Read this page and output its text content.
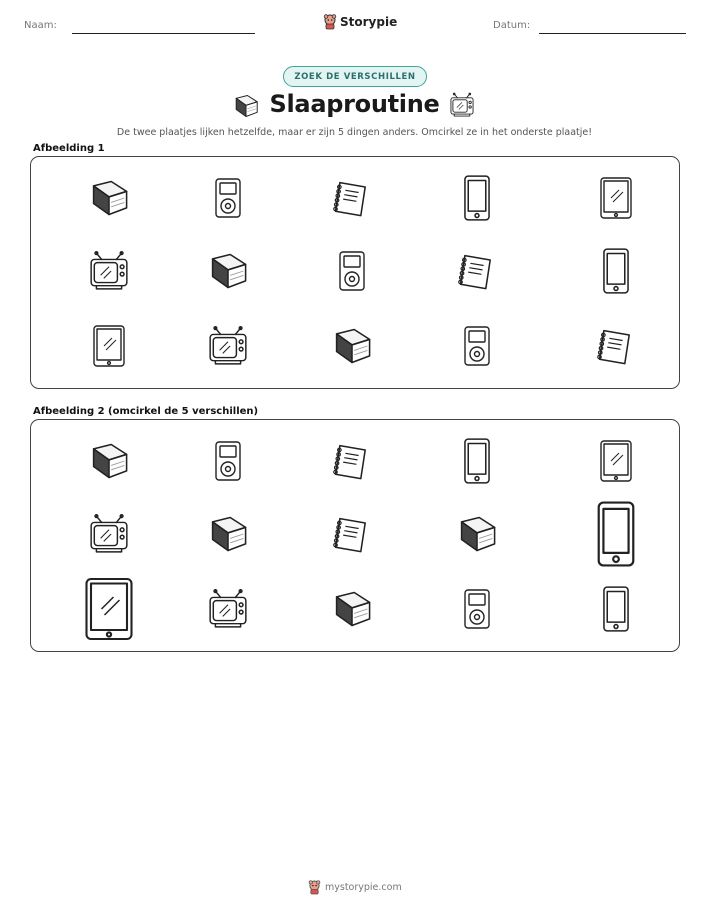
Naam:	Storypie	Datum:
ZOEK DE VERSCHILLEN
Slaaproutine
De twee plaatjes lijken hetzelfde, maar er zijn 5 dingen anders. Omcirkel ze in het onderste plaatje!
Afbeelding 1
Afbeelding 2 (omcirkel de 5 verschillen)
mystorypie.com
